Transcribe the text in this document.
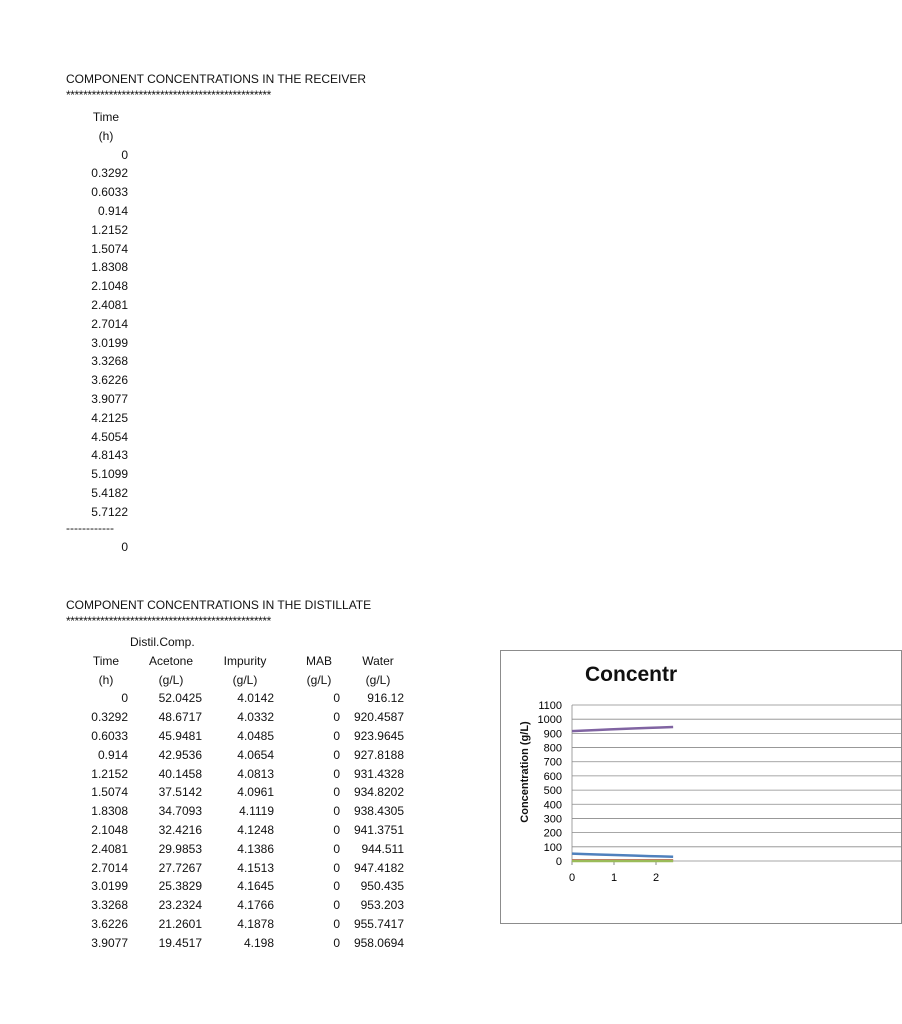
COMPONENT CONCENTRATIONS IN THE RECEIVER
************************************************
Time
(h)
0
0.3292
0.6033
0.914
1.2152
1.5074
1.8308
2.1048
2.4081
2.7014
3.0199
3.3268
3.6226
3.9077
4.2125
4.5054
4.8143
5.1099
5.4182
5.7122
------------
0
COMPONENT CONCENTRATIONS IN THE DISTILLATE
************************************************
Distil.Comp.
Time
(h)
0
0.3292
0.6033
0.914
1.2152
1.5074
1.8308
2.1048
2.4081
2.7014
3.0199
3.3268
3.6226
3.9077
Acetone
(g/L)
52.0425
48.6717
45.9481
42.9536
40.1458
37.5142
34.7093
32.4216
29.9853
27.7267
25.3829
23.2324
21.2601
19.4517
Impurity
(g/L)
4.0142
4.0332
4.0485
4.0654
4.0813
4.0961
4.1119
4.1248
4.1386
4.1513
4.1645
4.1766
4.1878
4.198
MAB
(g/L)
0
0
0
0
0
0
0
0
0
0
0
0
0
0
Water
(g/L)
916.12
920.4587
923.9645
927.8188
931.4328
934.8202
938.4305
941.3751
944.511
947.4182
950.435
953.203
955.7417
958.0694
Concentr
Concentration (g/L)
0
100
200
300
400
500
600
700
800
900
1000
1100
0	1	2
